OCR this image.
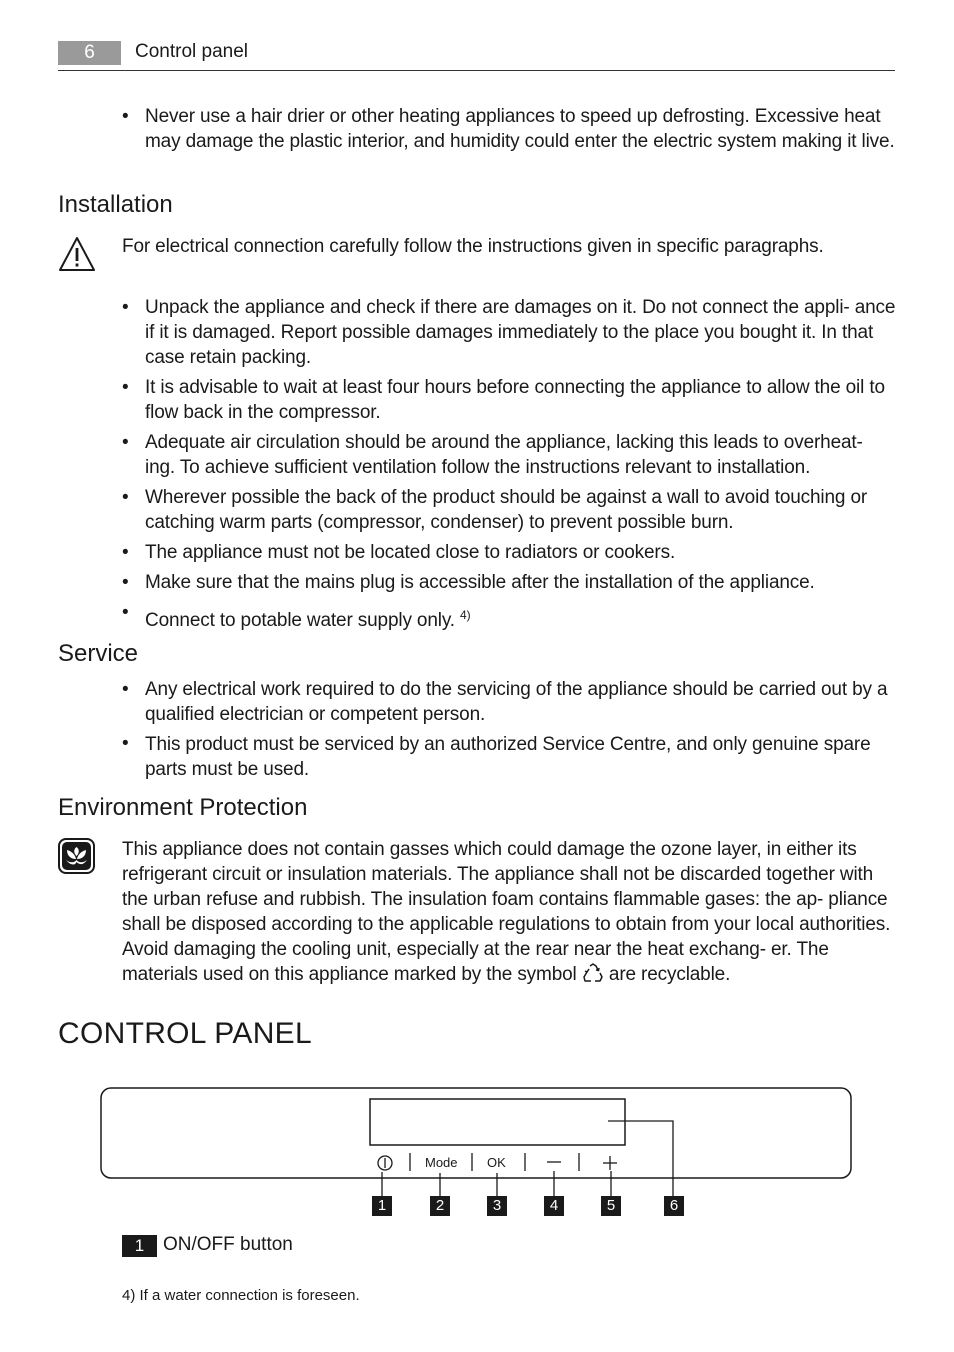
6	Control panel
• Never use a hair drier or other heating appliances to speed up defrosting. Excessive heat may damage the plastic interior, and humidity could enter the electric system making it live.
Installation
For electrical connection carefully follow the instructions given in specific paragraphs.
• Unpack the appliance and check if there are damages on it. Do not connect the appli- ance if it is damaged. Report possible damages immediately to the place you bought it. In that case retain packing.
• It is advisable to wait at least four hours before connecting the appliance to allow the oil to flow back in the compressor.
• Adequate air circulation should be around the appliance, lacking this leads to overheat- ing. To achieve sufficient ventilation follow the instructions relevant to installation.
• Wherever possible the back of the product should be against a wall to avoid touching or catching warm parts (compressor, condenser) to prevent possible burn.
• The appliance must not be located close to radiators or cookers.
• Make sure that the mains plug is accessible after the installation of the appliance.
• Connect to potable water supply only. $^{4)}$
Service
• Any electrical work required to do the servicing of the appliance should be carried out by a qualified electrician or competent person.
• This product must be serviced by an authorized Service Centre, and only genuine spare parts must be used.
Environment Protection
This appliance does not contain gasses which could damage the ozone layer, in either its refrigerant circuit or insulation materials. The appliance shall not be discarded together with the urban refuse and rubbish. The insulation foam contains flammable gases: the ap- pliance shall be disposed according to the applicable regulations to obtain from your local authorities. Avoid damaging the cooling unit, especially at the rear near the heat exchang- er. The materials used on this appliance marked by the symbol are recyclable.
CONTROL PANEL
Mode OK
1	2	3	4	5	6
1 ON/OFF button
4) If a water connection is foreseen.
